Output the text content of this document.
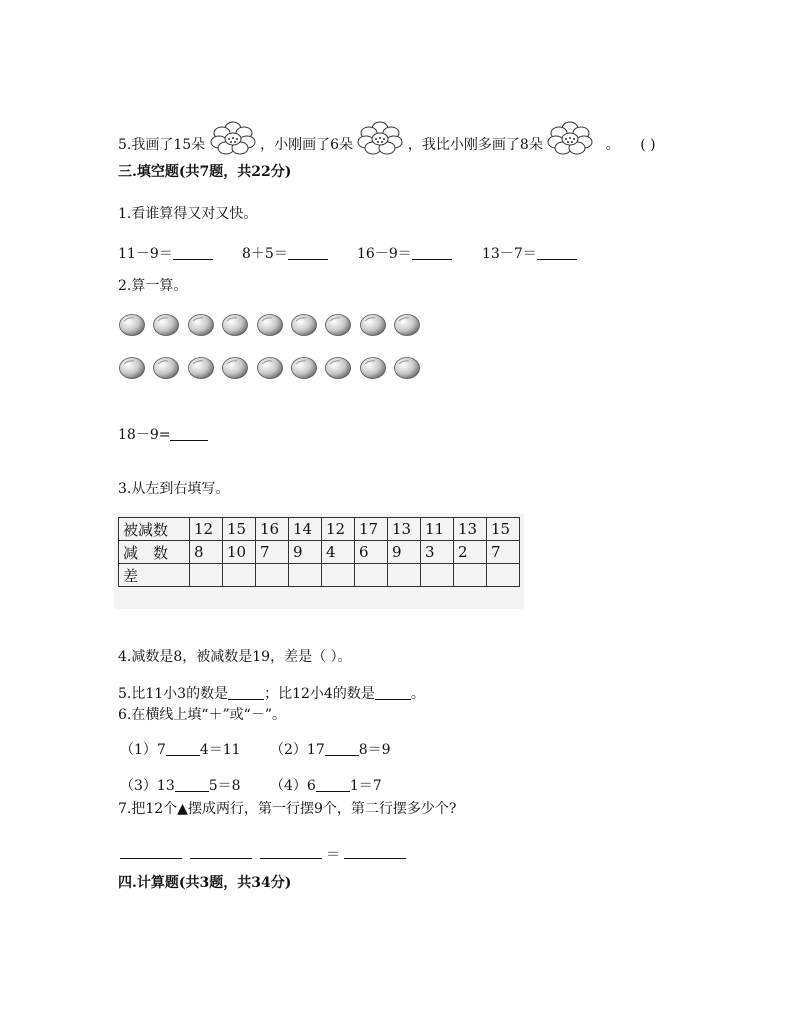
5.我画了15朵	，小刚画了6朵	，我比小刚多画了8朵	。 ( )
三.填空题(共7题，共22分)
1.看谁算得又对又快。
11－9＝	8＋5＝	16－9＝	13－7＝
2.算一算。
18－9=
3.从左到右填写。
被减数	12	15	16	14	12	17	13	11	13	15
减　数	8	10	7	9	4	6	9	3	2	7
差										
4.减数是8，被减数是19，差是（ ）。
5.比11小3的数是	；比12小4的数是	。
6.在横线上填“＋”或“－”。
（1）7 4＝11 （2）17 8＝9
（3）13 5＝8 （4）6 1＝7
7.把12个▲摆成两行，第一行摆9个，第二行摆多少个?
＝
四.计算题(共3题，共34分)
